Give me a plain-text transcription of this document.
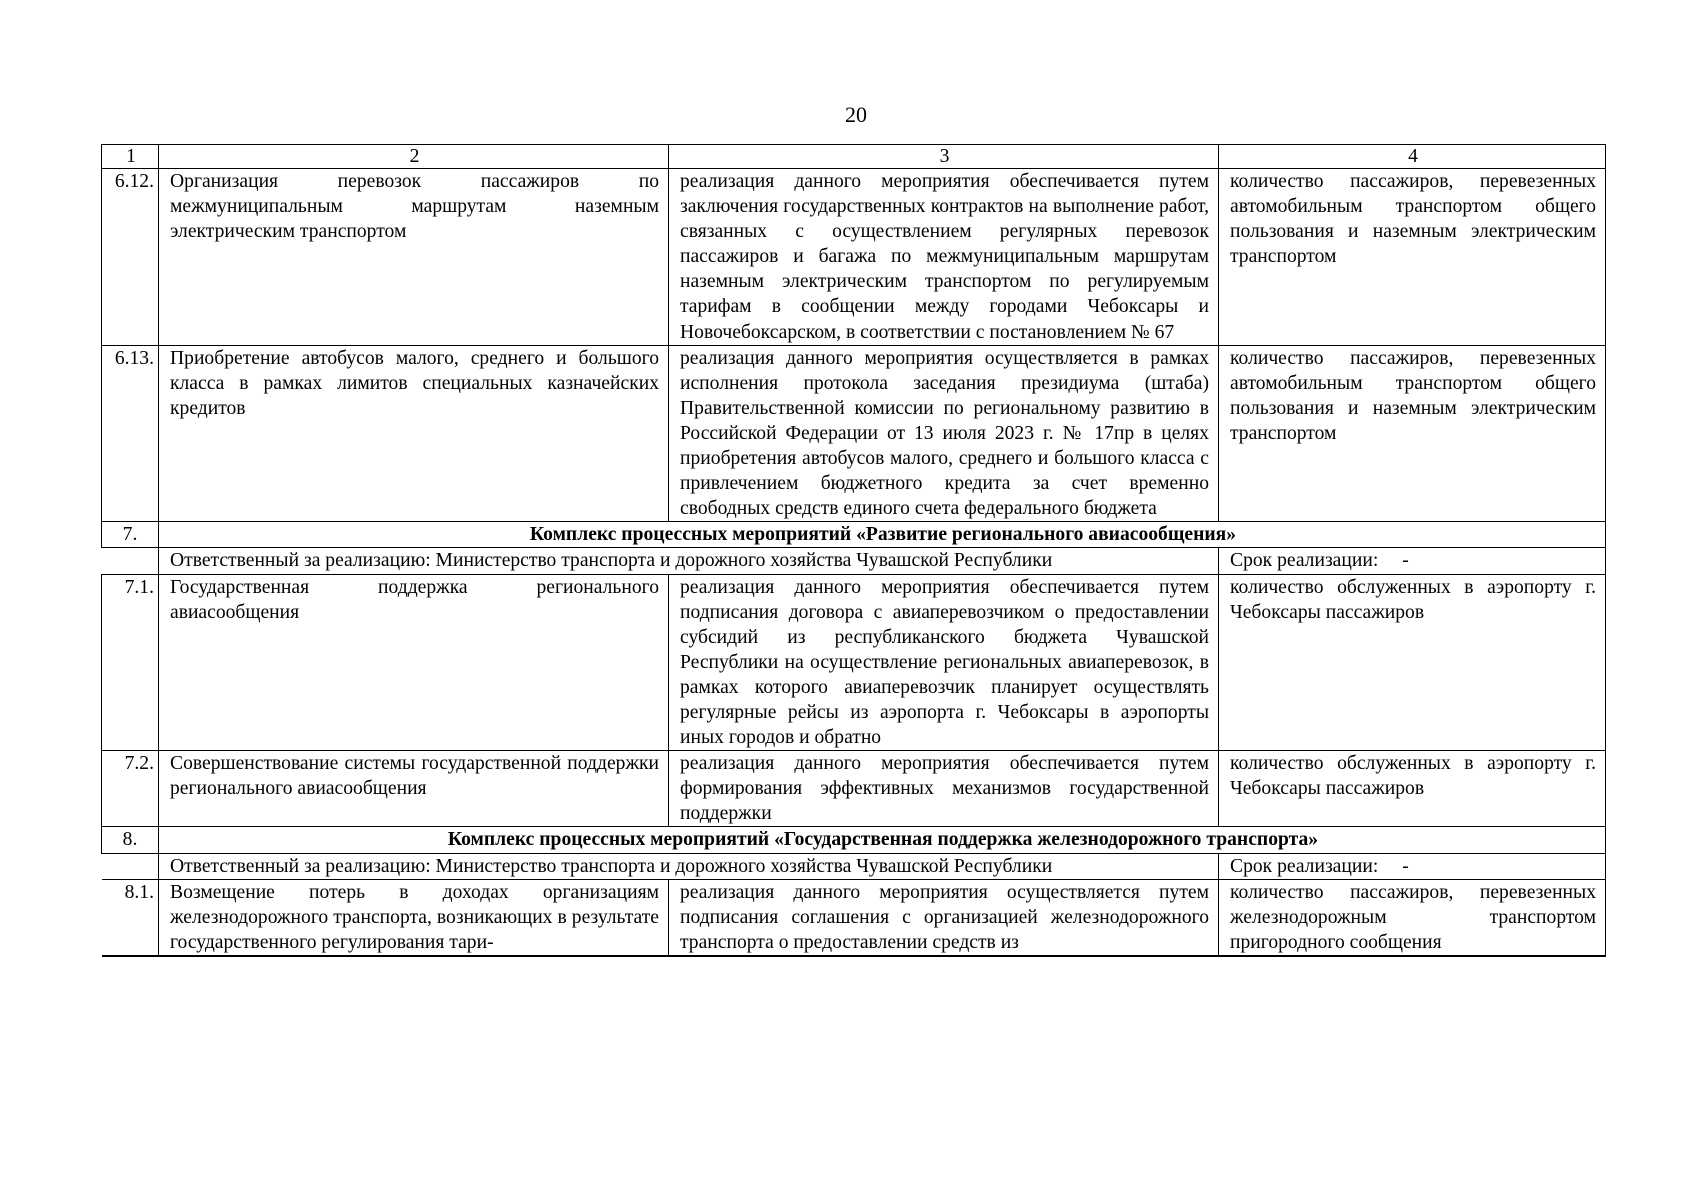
20
1	2	3	4
6.12.	Организация перевозок пассажиров по межмуниципальным маршрутам наземным электрическим транспортом	реализация данного мероприятия обеспечивается путем заключения государственных контрактов на выполнение работ, связанных с осуществлением регулярных перевозок пассажиров и багажа по межмуниципальным маршрутам наземным электрическим транспортом по регулируемым тарифам в сообщении между городами Чебоксары и Новочебоксарском, в соответствии с постановлением № 67	количество пассажиров, перевезенных автомобильным транспортом общего пользования и наземным электрическим транспортом
6.13.	Приобретение автобусов малого, среднего и большого класса в рамках лимитов специальных казначейских кредитов	реализация данного мероприятия осуществляется в рамках исполнения протокола заседания президиума (штаба) Правительственной комиссии по региональному развитию в Российской Федерации от 13 июля 2023 г. № 17пр в целях приобретения автобусов малого, среднего и большого класса с привлечением бюджетного кредита за счет временно свободных средств единого счета федерального бюджета	количество пассажиров, перевезенных автомобильным транспортом общего пользования и наземным электрическим транспортом
7.	Комплекс процессных мероприятий «Развитие регионального авиасообщения»		
	Ответственный за реализацию: Министерство транспорта и дорожного хозяйства Чувашской Республики		Срок реализации: -
7.1.	Государственная поддержка регионального авиасообщения	реализация данного мероприятия обеспечивается путем подписания договора с авиаперевозчиком о предоставлении субсидий из республиканского бюджета Чувашской Республики на осуществление региональных авиаперевозок, в рамках которого авиаперевозчик планирует осуществлять регулярные рейсы из аэропорта г. Чебоксары в аэропорты иных городов и обратно	количество обслуженных в аэропорту г. Чебоксары пассажиров
7.2.	Совершенствование системы государственной поддержки регионального авиасообщения	реализация данного мероприятия обеспечивается путем формирования эффективных механизмов государственной поддержки	количество обслуженных в аэропорту г. Чебоксары пассажиров
8.	Комплекс процессных мероприятий «Государственная поддержка железнодорожного транспорта»		
	Ответственный за реализацию: Министерство транспорта и дорожного хозяйства Чувашской Республики		Срок реализации: -
8.1.	Возмещение потерь в доходах организациям железнодорожного транспорта, возникающих в результате государственного регулирования тари-	реализация данного мероприятия осуществляется путем подписания соглашения с организацией железнодорожного транспорта о предоставлении средств из	количество пассажиров, перевезенных железнодорожным транспортом пригородного сообщения
